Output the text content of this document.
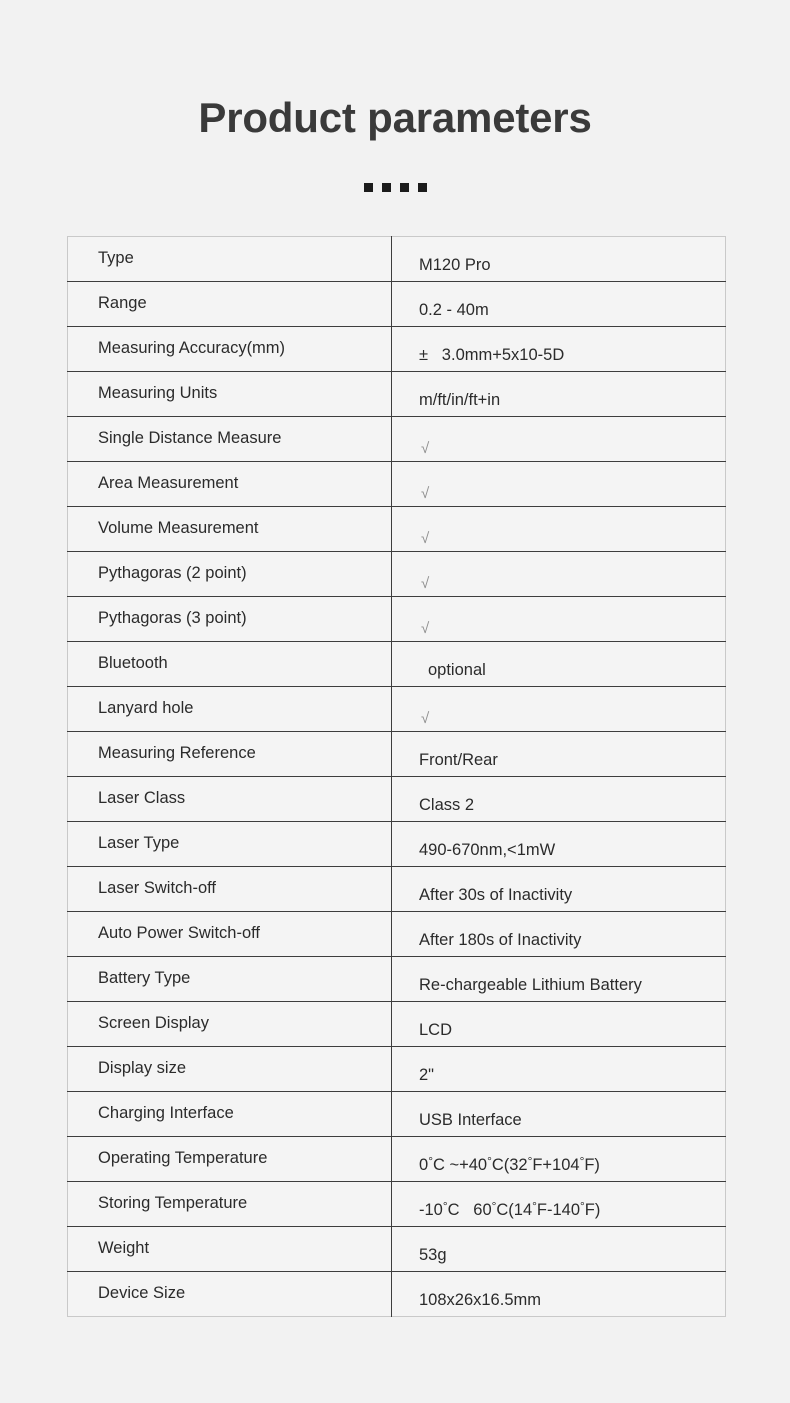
Product parameters
Type	M120 Pro

Range	0.2 - 40m

Measuring Accuracy(mm)	±   3.0mm+5x10-5D

Measuring Units	m/ft/in/ft+in

Single Distance Measure	√

Area Measurement	√

Volume Measurement	√

Pythagoras (2 point)	√

Pythagoras (3 point)	√

Bluetooth	optional

Lanyard hole	√

Measuring Reference	Front/Rear

Laser Class	Class 2

Laser Type	490-670nm,<1mW

Laser Switch-off	After 30s of Inactivity

Auto Power Switch-off	After 180s of Inactivity

Battery Type	Re-chargeable Lithium Battery

Screen Display	LCD

Display size	2"

Charging Interface	USB Interface

Operating Temperature	0°C ~+40°C(32°F+104°F)

Storing Temperature	-10°C   60°C(14°F-140°F)

Weight	53g

Device Size	108x26x16.5mm
